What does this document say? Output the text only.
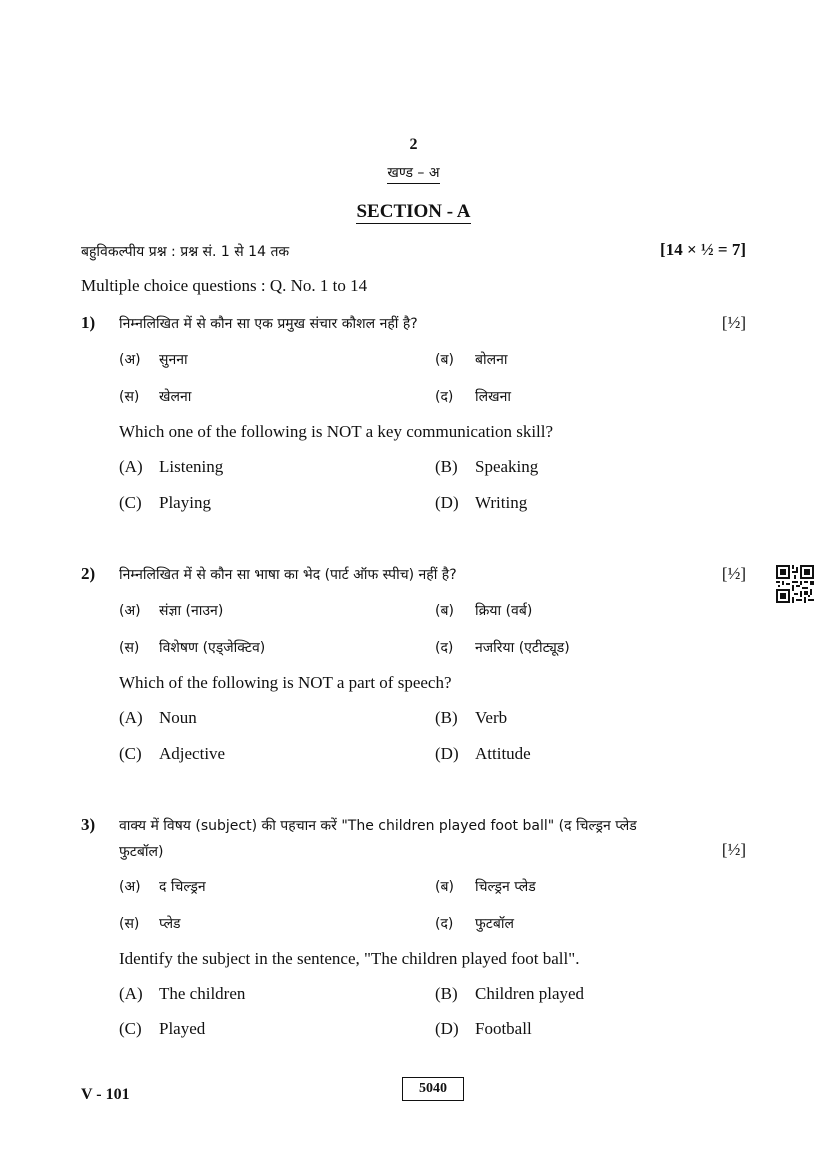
2
खण्ड – अ
SECTION - A
बहुविकल्पीय प्रश्न : प्रश्न सं. 1 से 14 तक	[14 × ½ = 7]
Multiple choice questions : Q. No. 1 to 14
1) निम्नलिखित में से कौन सा एक प्रमुख संचार कौशल नहीं है?	[½]
(अ) सुनना	(ब) बोलना
(स) खेलना	(द) लिखना
Which one of the following is NOT a key communication skill?
(A) Listening	(B) Speaking
(C) Playing	(D) Writing
2) निम्नलिखित में से कौन सा भाषा का भेद (पार्ट ऑफ स्पीच) नहीं है?	[½]
(अ) संज्ञा (नाउन)	(ब) क्रिया (वर्ब)
(स) विशेषण (एड्जेक्टिव)	(द) नजरिया (एटीट्यूड)
Which of the following is NOT a part of speech?
(A) Noun	(B) Verb
(C) Adjective	(D) Attitude
3) वाक्य में विषय (subject) की पहचान करें "The children played foot ball" (द चिल्ड्रन प्लेड
फुटबॉल)	[½]
(अ) द चिल्ड्रन	(ब) चिल्ड्रन प्लेड
(स) प्लेड	(द) फुटबॉल
Identify the subject in the sentence, "The children played foot ball".
(A) The children	(B) Children played
(C) Played	(D) Football
V - 101	5040
